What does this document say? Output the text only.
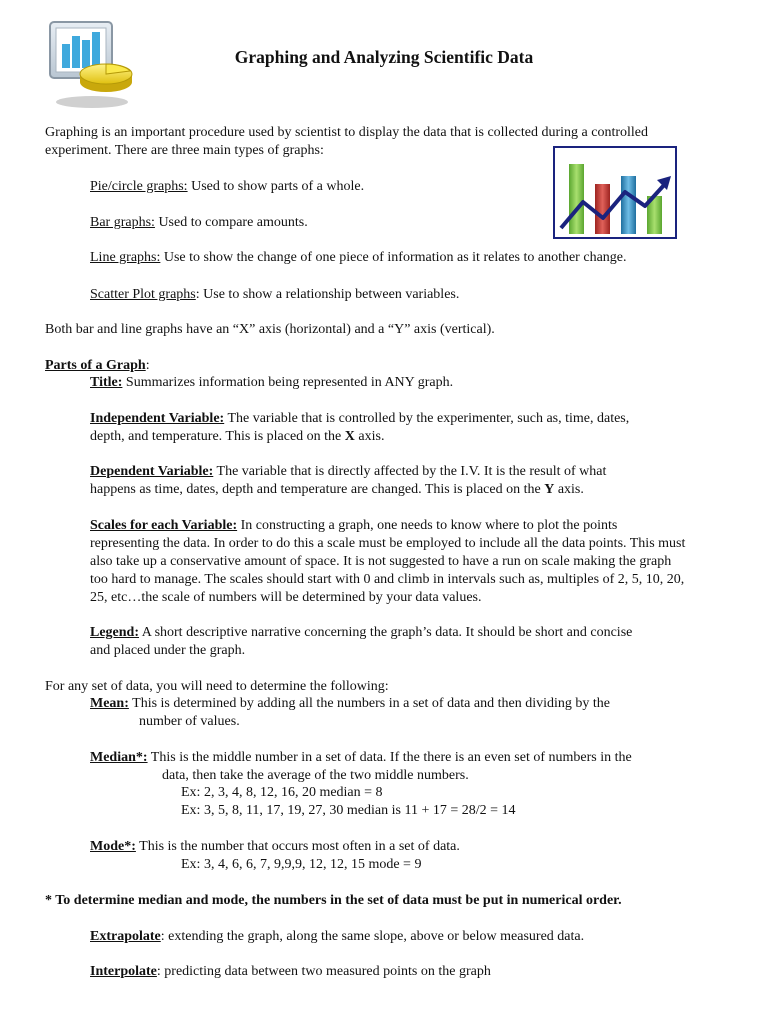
Graphing and Analyzing Scientific Data
Graphing is an important procedure used by scientist to display the data that is collected during a controlled
experiment. There are three main types of graphs:
Pie/circle graphs: Used to show parts of a whole.
Bar graphs: Used to compare amounts.
Line graphs: Use to show the change of one piece of information as it relates to another change.
Scatter Plot graphs: Use to show a relationship between variables.
Both bar and line graphs have an “X” axis (horizontal) and a “Y” axis (vertical).
Parts of a Graph:
Title: Summarizes information being represented in ANY graph.
Independent Variable: The variable that is controlled by the experimenter, such as, time, dates,
depth, and temperature. This is placed on the X axis.
Dependent Variable: The variable that is directly affected by the I.V. It is the result of what
happens as time, dates, depth and temperature are changed. This is placed on the Y axis.
Scales for each Variable: In constructing a graph, one needs to know where to plot the points
representing the data. In order to do this a scale must be employed to include all the data points. This must
also take up a conservative amount of space. It is not suggested to have a run on scale making the graph
too hard to manage. The scales should start with 0 and climb in intervals such as, multiples of 2, 5, 10, 20,
25, etc…the scale of numbers will be determined by your data values.
Legend: A short descriptive narrative concerning the graph’s data. It should be short and concise
and placed under the graph.
For any set of data, you will need to determine the following:
Mean: This is determined by adding all the numbers in a set of data and then dividing by the
number of values.
Median*: This is the middle number in a set of data. If the there is an even set of numbers in the
data, then take the average of the two middle numbers.
Ex: 2, 3, 4, 8, 12, 16, 20 median = 8
Ex: 3, 5, 8, 11, 17, 19, 27, 30 median is 11 + 17 = 28/2 = 14
Mode*: This is the number that occurs most often in a set of data.
Ex: 3, 4, 6, 6, 7, 9,9,9, 12, 12, 15 mode = 9
* To determine median and mode, the numbers in the set of data must be put in numerical order.
Extrapolate: extending the graph, along the same slope, above or below measured data.
Interpolate: predicting data between two measured points on the graph
